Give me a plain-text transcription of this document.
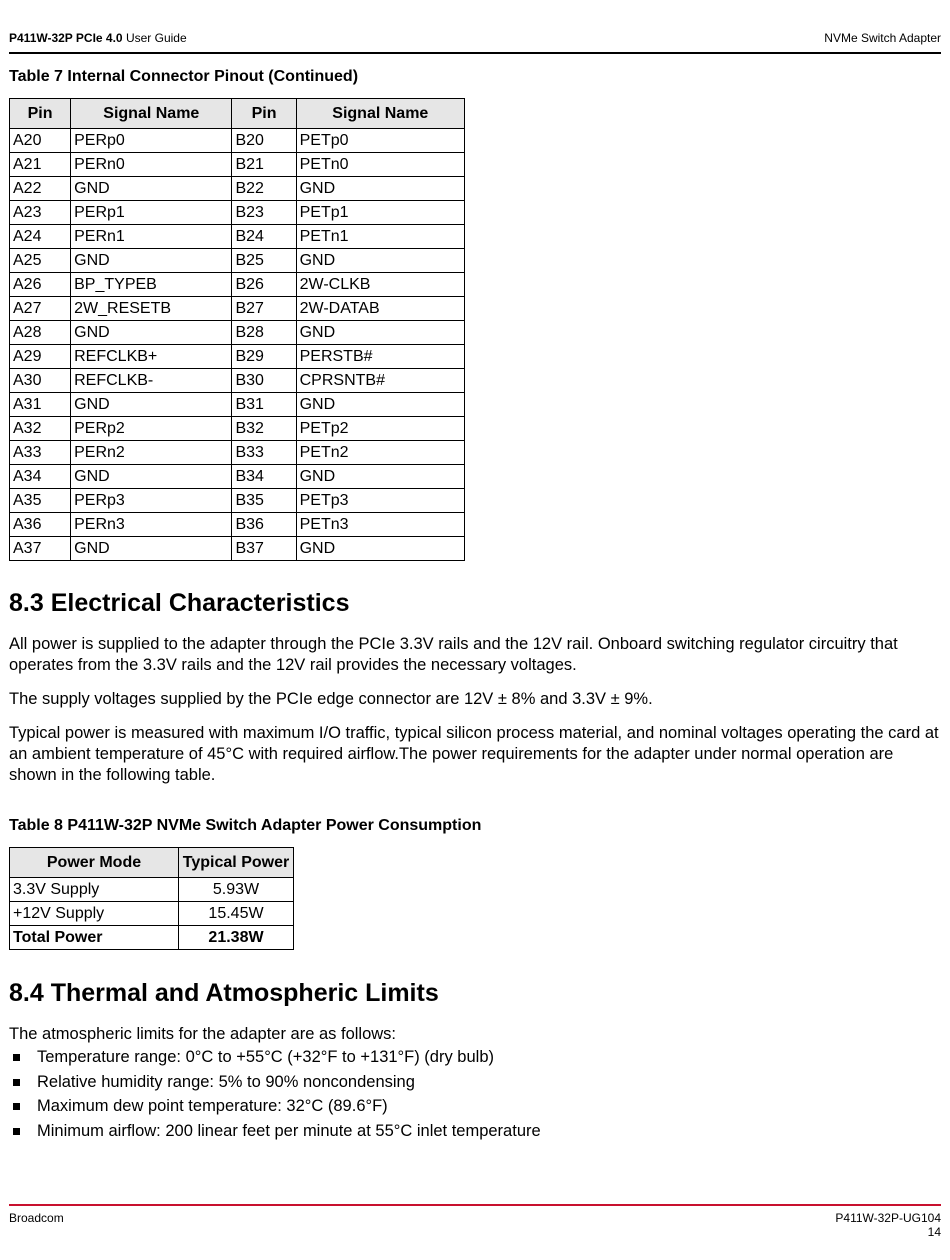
P411W-32P PCIe 4.0 User Guide	NVMe Switch Adapter
Table 7 Internal Connector Pinout (Continued)
Pin	Signal Name	Pin	Signal Name
A20	PERp0	B20	PETp0
A21	PERn0	B21	PETn0
A22	GND	B22	GND
A23	PERp1	B23	PETp1
A24	PERn1	B24	PETn1
A25	GND	B25	GND
A26	BP_TYPEB	B26	2W-CLKB
A27	2W_RESETB	B27	2W-DATAB
A28	GND	B28	GND
A29	REFCLKB+	B29	PERSTB#
A30	REFCLKB-	B30	CPRSNTB#
A31	GND	B31	GND
A32	PERp2	B32	PETp2
A33	PERn2	B33	PETn2
A34	GND	B34	GND
A35	PERp3	B35	PETp3
A36	PERn3	B36	PETn3
A37	GND	B37	GND
8.3 Electrical Characteristics

All power is supplied to the adapter through the PCIe 3.3V rails and the 12V rail. Onboard switching regulator circuitry that operates from the 3.3V rails and the 12V rail provides the necessary voltages.

The supply voltages supplied by the PCIe edge connector are 12V ± 8% and 3.3V ± 9%.

Typical power is measured with maximum I/O traffic, typical silicon process material, and nominal voltages operating the card at an ambient temperature of 45°C with required airflow.The power requirements for the adapter under normal operation are shown in the following table.

Table 8 P411W-32P NVMe Switch Adapter Power Consumption
Power Mode	Typical Power
3.3V Supply	5.93W
+12V Supply	15.45W
Total Power	21.38W
8.4 Thermal and Atmospheric Limits

The atmospheric limits for the adapter are as follows:

Temperature range: 0°C to +55°C (+32°F to +131°F) (dry bulb)
Relative humidity range: 5% to 90% noncondensing
Maximum dew point temperature: 32°C (89.6°F)
Minimum airflow: 200 linear feet per minute at 55°C inlet temperature
Broadcom	P411W-32P-UG104
14
